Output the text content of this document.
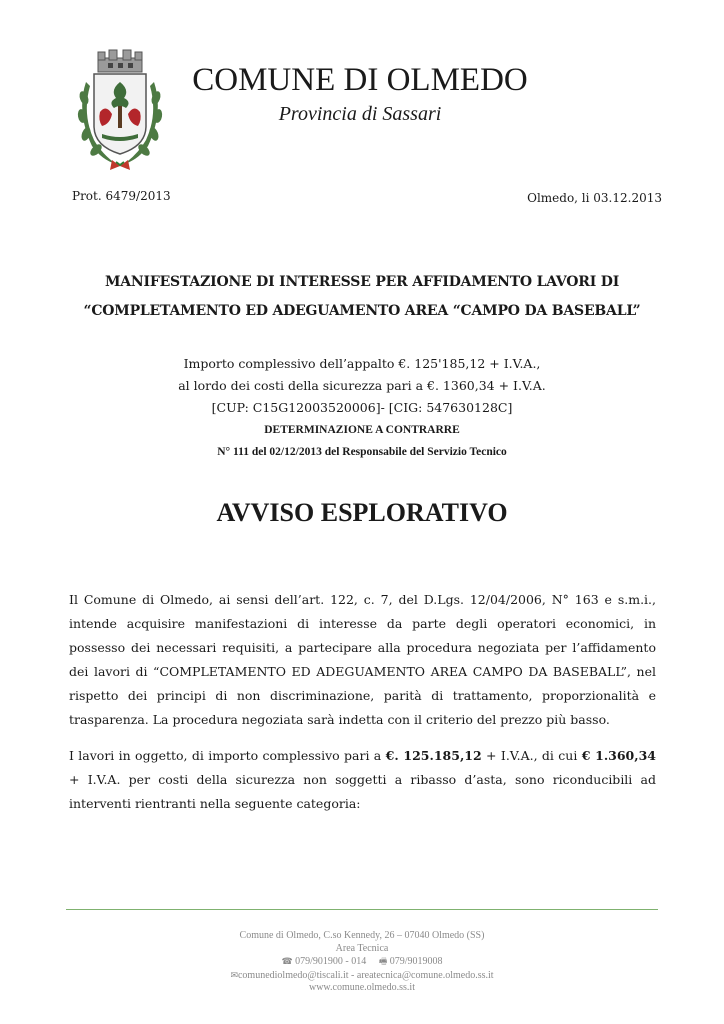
COMUNE DI OLMEDO
Provincia di Sassari
Prot. 6479/2013	Olmedo, li 03.12.2013
MANIFESTAZIONE DI INTERESSE PER AFFIDAMENTO LAVORI DI
“COMPLETAMENTO ED ADEGUAMENTO AREA “CAMPO DA BASEBALL”
Importo complessivo dell’appalto €. 125'185,12 + I.V.A.,
al lordo dei costi della sicurezza pari a €. 1360,34 + I.V.A.
[CUP: C15G12003520006]- [CIG: 547630128C]
DETERMINAZIONE A CONTRARRE
N° 111 del 02/12/2013 del Responsabile del Servizio Tecnico
AVVISO ESPLORATIVO
Il Comune di Olmedo, ai sensi dell’art. 122, c. 7, del D.Lgs. 12/04/2006, N° 163 e s.m.i., intende acquisire manifestazioni di interesse da parte degli operatori economici, in possesso dei necessari requisiti, a partecipare alla procedura negoziata per l’affidamento dei lavori di “COMPLETAMENTO ED ADEGUAMENTO AREA CAMPO DA BASEBALL”, nel rispetto dei principi di non discriminazione, parità di trattamento, proporzionalità e trasparenza. La procedura negoziata sarà indetta con il criterio del prezzo più basso.
I lavori in oggetto, di importo complessivo pari a €. 125.185,12 + I.V.A., di cui € 1.360,34 + I.V.A. per costi della sicurezza non soggetti a ribasso d’asta, sono riconducibili ad interventi rientranti nella seguente categoria:
Comune di Olmedo, C.so Kennedy, 26 – 07040 Olmedo (SS)
Area Tecnica
☎ 079/901900 - 014 🖷 079/9019008
✉comunediolmedo@tiscali.it - areatecnica@comune.olmedo.ss.it
www.comune.olmedo.ss.it
